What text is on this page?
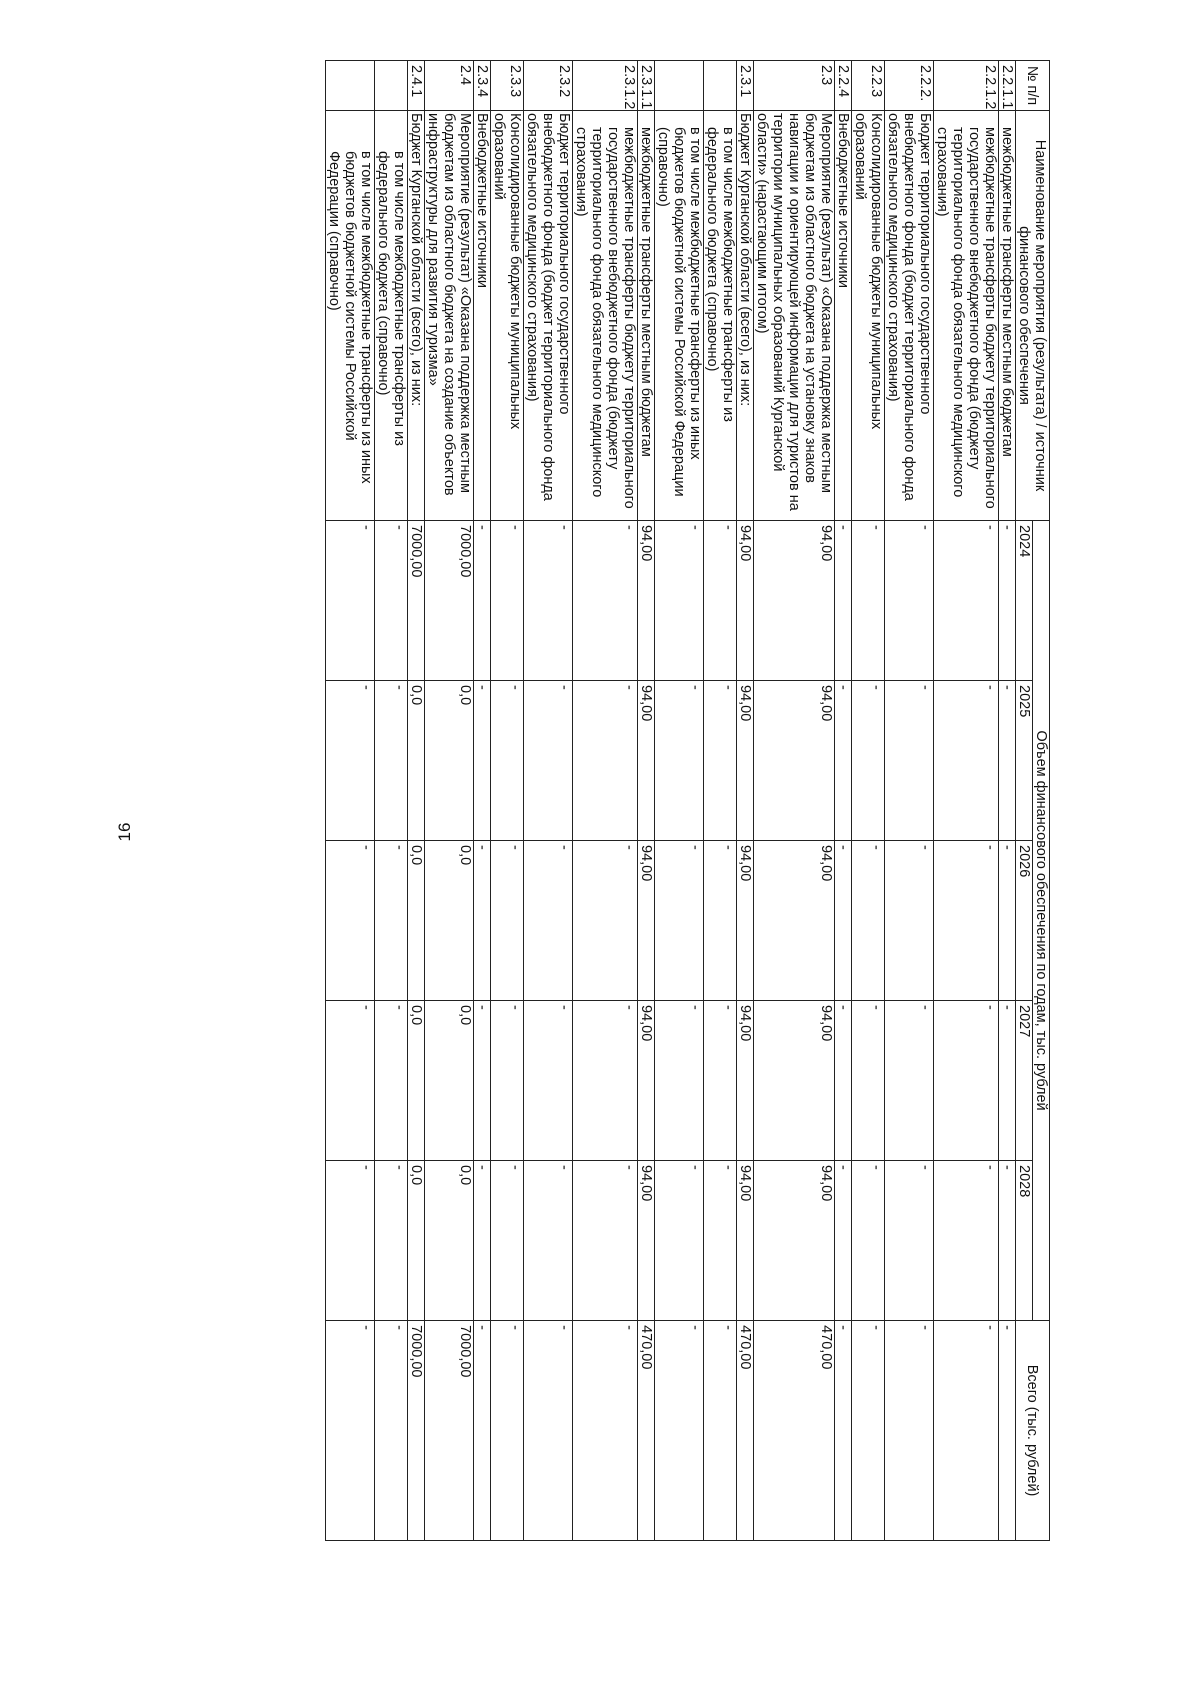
16
№ п/п	Наименование мероприятия (результата) / источник финансового обеспечения	Объем финансового обеспечения по годам, тыс. рублей					Всего (тыс. рублей)
		2024	2025	2026	2027	2028	
2.2.1.1	межбюджетные трансферты местным бюджетам	-	-	-	-	-	-
2.2.1.2	межбюджетные трансферты бюджету территориального государственного внебюджетного фонда (бюджету территориального фонда обязательного медицинского страхования)	-	-	-	-	-	-
2.2.2.	Бюджет территориального государственного внебюджетного фонда (бюджет территориального фонда обязательного медицинского страхования)	-	-	-	-	-	-
2.2.3	Консолидированные бюджеты муниципальных образований	-	-	-	-	-	-
2.2.4	Внебюджетные источники	-	-	-	-	-	-
2.3	Мероприятие (результат) «Оказана поддержка местным бюджетам из областного бюджета на установку знаков навигации и ориентирующей информации для туристов на территории муниципальных образований Курганской области» (нарастающим итогом)	94,00	94,00	94,00	94,00	94,00	470,00
2.3.1	Бюджет Курганской области (всего), из них:	94,00	94,00	94,00	94,00	94,00	470,00
	в том числе межбюджетные трансферты из федерального бюджета (справочно)	-	-	-	-	-	-
	в том числе межбюджетные трансферты из иных бюджетов бюджетной системы Российской Федерации (справочно)	-	-	-	-	-	-
2.3.1.1	межбюджетные трансферты местным бюджетам	94,00	94,00	94,00	94,00	94,00	470,00
2.3.1.2	межбюджетные трансферты бюджету территориального государственного внебюджетного фонда (бюджету территориального фонда обязательного медицинского страхования)	-	-	-	-	-	-
2.3.2	Бюджет территориального государственного внебюджетного фонда (бюджет территориального фонда обязательного медицинского страхования)	-	-	-	-	-	-
2.3.3	Консолидированные бюджеты муниципальных образований	-	-	-	-	-	-
2.3.4	Внебюджетные источники	-	-	-	-	-	-
2.4	Мероприятие (результат) «Оказана поддержка местным бюджетам из областного бюджета на создание объектов инфраструктуры для развития туризма»	7000,00	0,0	0,0	0,0	0,0	7000,00
2.4.1	Бюджет Курганской области (всего), из них:	7000,00	0,0	0,0	0,0	0,0	7000,00
	в том числе межбюджетные трансферты из федерального бюджета (справочно)	-	-	-	-	-	-
	в том числе межбюджетные трансферты из иных бюджетов бюджетной системы Российской Федерации (справочно)	-	-	-	-	-	-
